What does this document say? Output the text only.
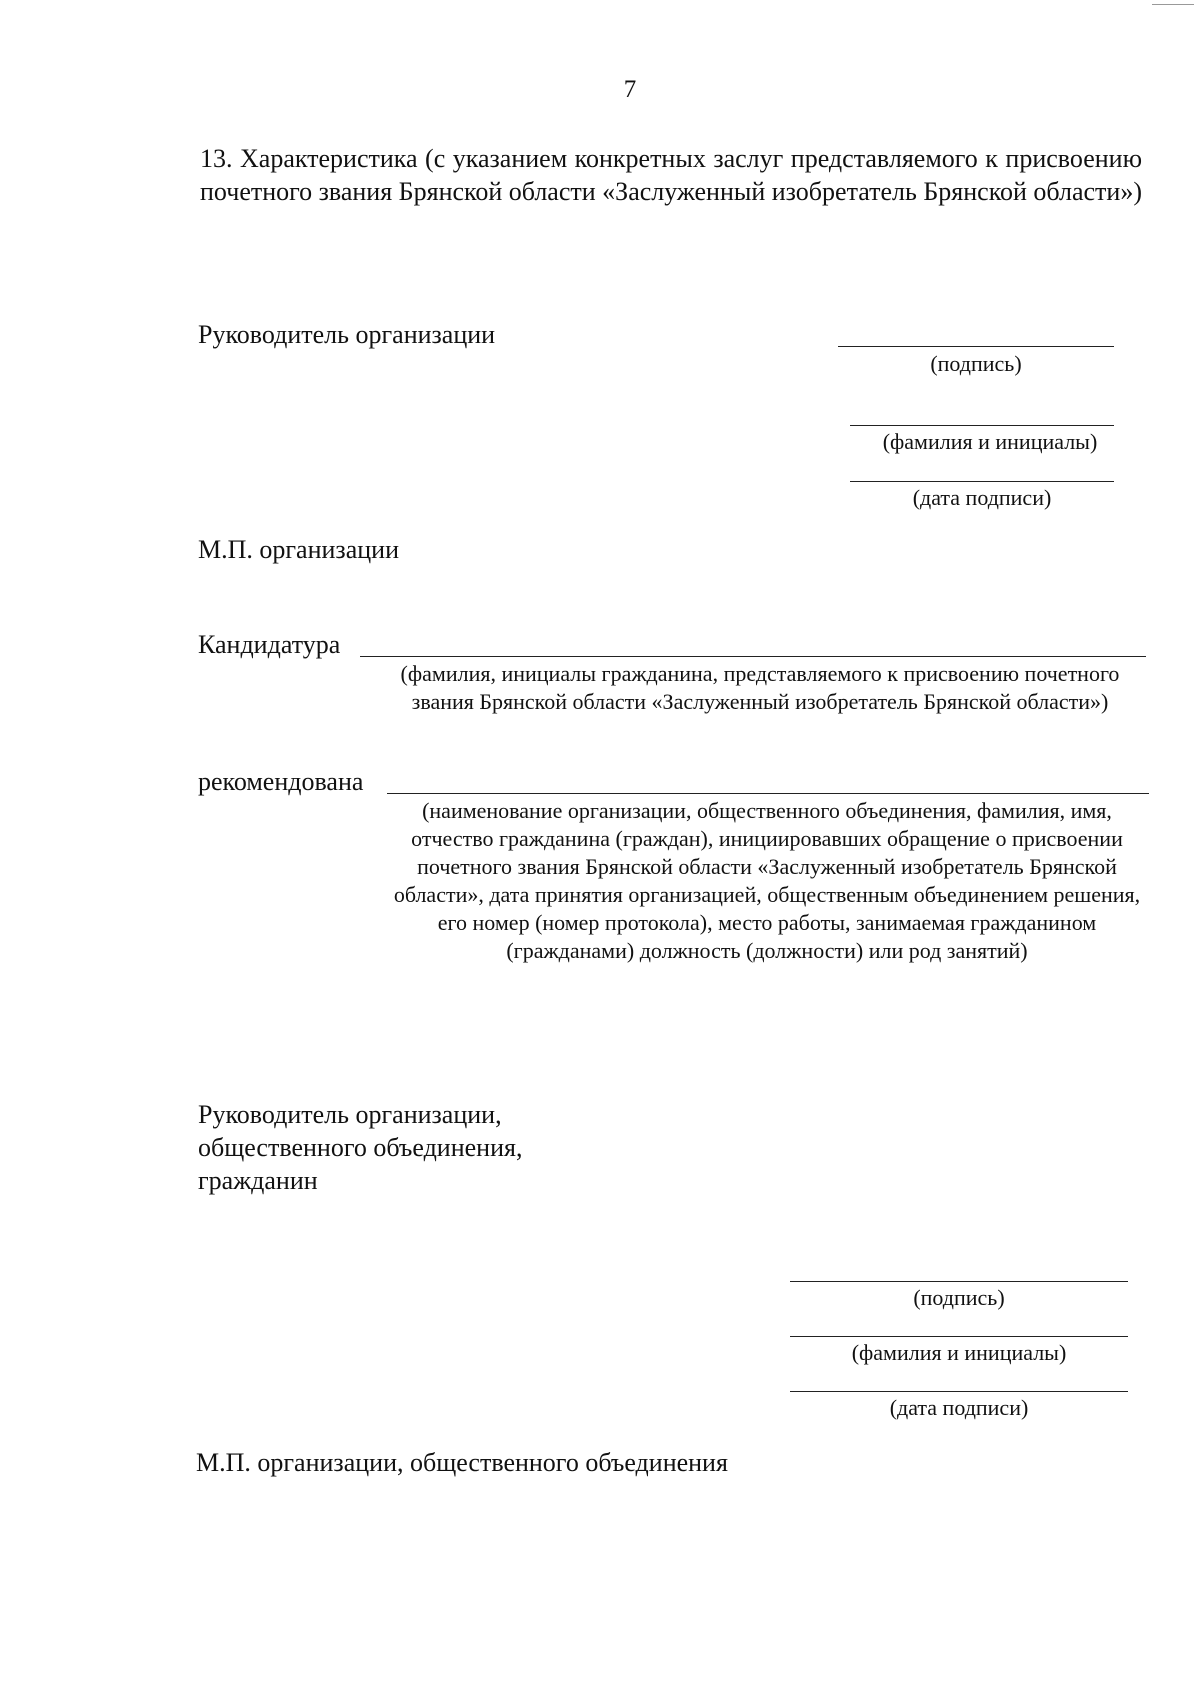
7

13. Характеристика (с указанием конкретных заслуг представляемого к присвоению почетного звания Брянской области «Заслуженный изобретатель Брянской области»)

Руководитель организации
(подпись)
(фамилия и инициалы)
(дата подписи)
М.П. организации
Кандидатура
(фамилия, инициалы гражданина, представляемого к присвоению почетного звания Брянской области «Заслуженный изобретатель Брянской области»)
рекомендована
(наименование организации, общественного объединения, фамилия, имя, отчество гражданина (граждан), инициировавших обращение о присвоении почетного звания Брянской области «Заслуженный изобретатель Брянской области», дата принятия организацией, общественным объединением решения, его номер (номер протокола), место работы, занимаемая гражданином (гражданами) должность (должности) или род занятий)
Руководитель организации,
общественного объединения,
гражданин
(подпись)
(фамилия и инициалы)
(дата подписи)
М.П. организации, общественного объединения
